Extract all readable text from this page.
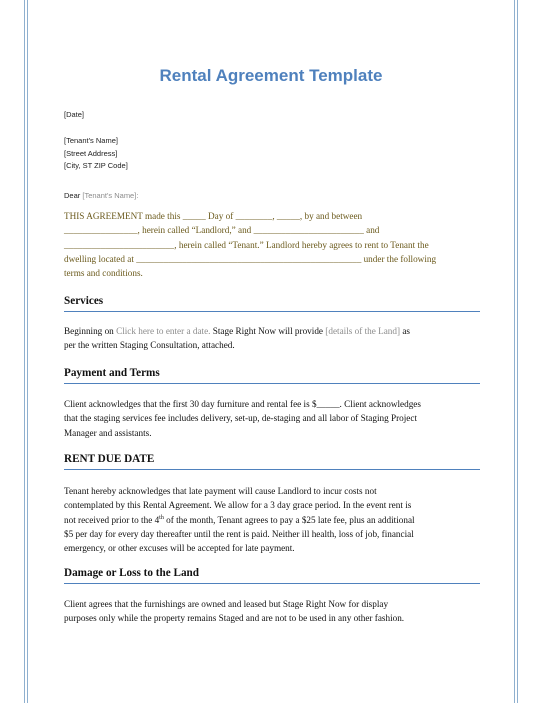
Rental Agreement Template
[Date]
[Tenant's Name]
[Street Address]
[City, ST ZIP Code]
Dear [Tenant's Name]:
THIS AGREEMENT made this _____ Day of ________, _____, by and between
________________, herein called “Landlord,” and ________________________ and
________________________, herein called “Tenant.” Landlord hereby agrees to rent to Tenant the
dwelling located at _________________________________________________ under the following
terms and conditions.
Services
Beginning on Click here to enter a date. Stage Right Now will provide [details of the Land] as
per the written Staging Consultation, attached.
Payment and Terms
Client acknowledges that the first 30 day furniture and rental fee is $_____. Client acknowledges
that the staging services fee includes delivery, set-up, de-staging and all labor of Staging Project
Manager and assistants.
RENT DUE DATE
Tenant hereby acknowledges that late payment will cause Landlord to incur costs not
contemplated by this Rental Agreement. We allow for a 3 day grace period. In the event rent is
not received prior to the 4th of the month, Tenant agrees to pay a $25 late fee, plus an additional
$5 per day for every day thereafter until the rent is paid. Neither ill health, loss of job, financial
emergency, or other excuses will be accepted for late payment.
Damage or Loss to the Land
Client agrees that the furnishings are owned and leased but Stage Right Now for display
purposes only while the property remains Staged and are not to be used in any other fashion.
